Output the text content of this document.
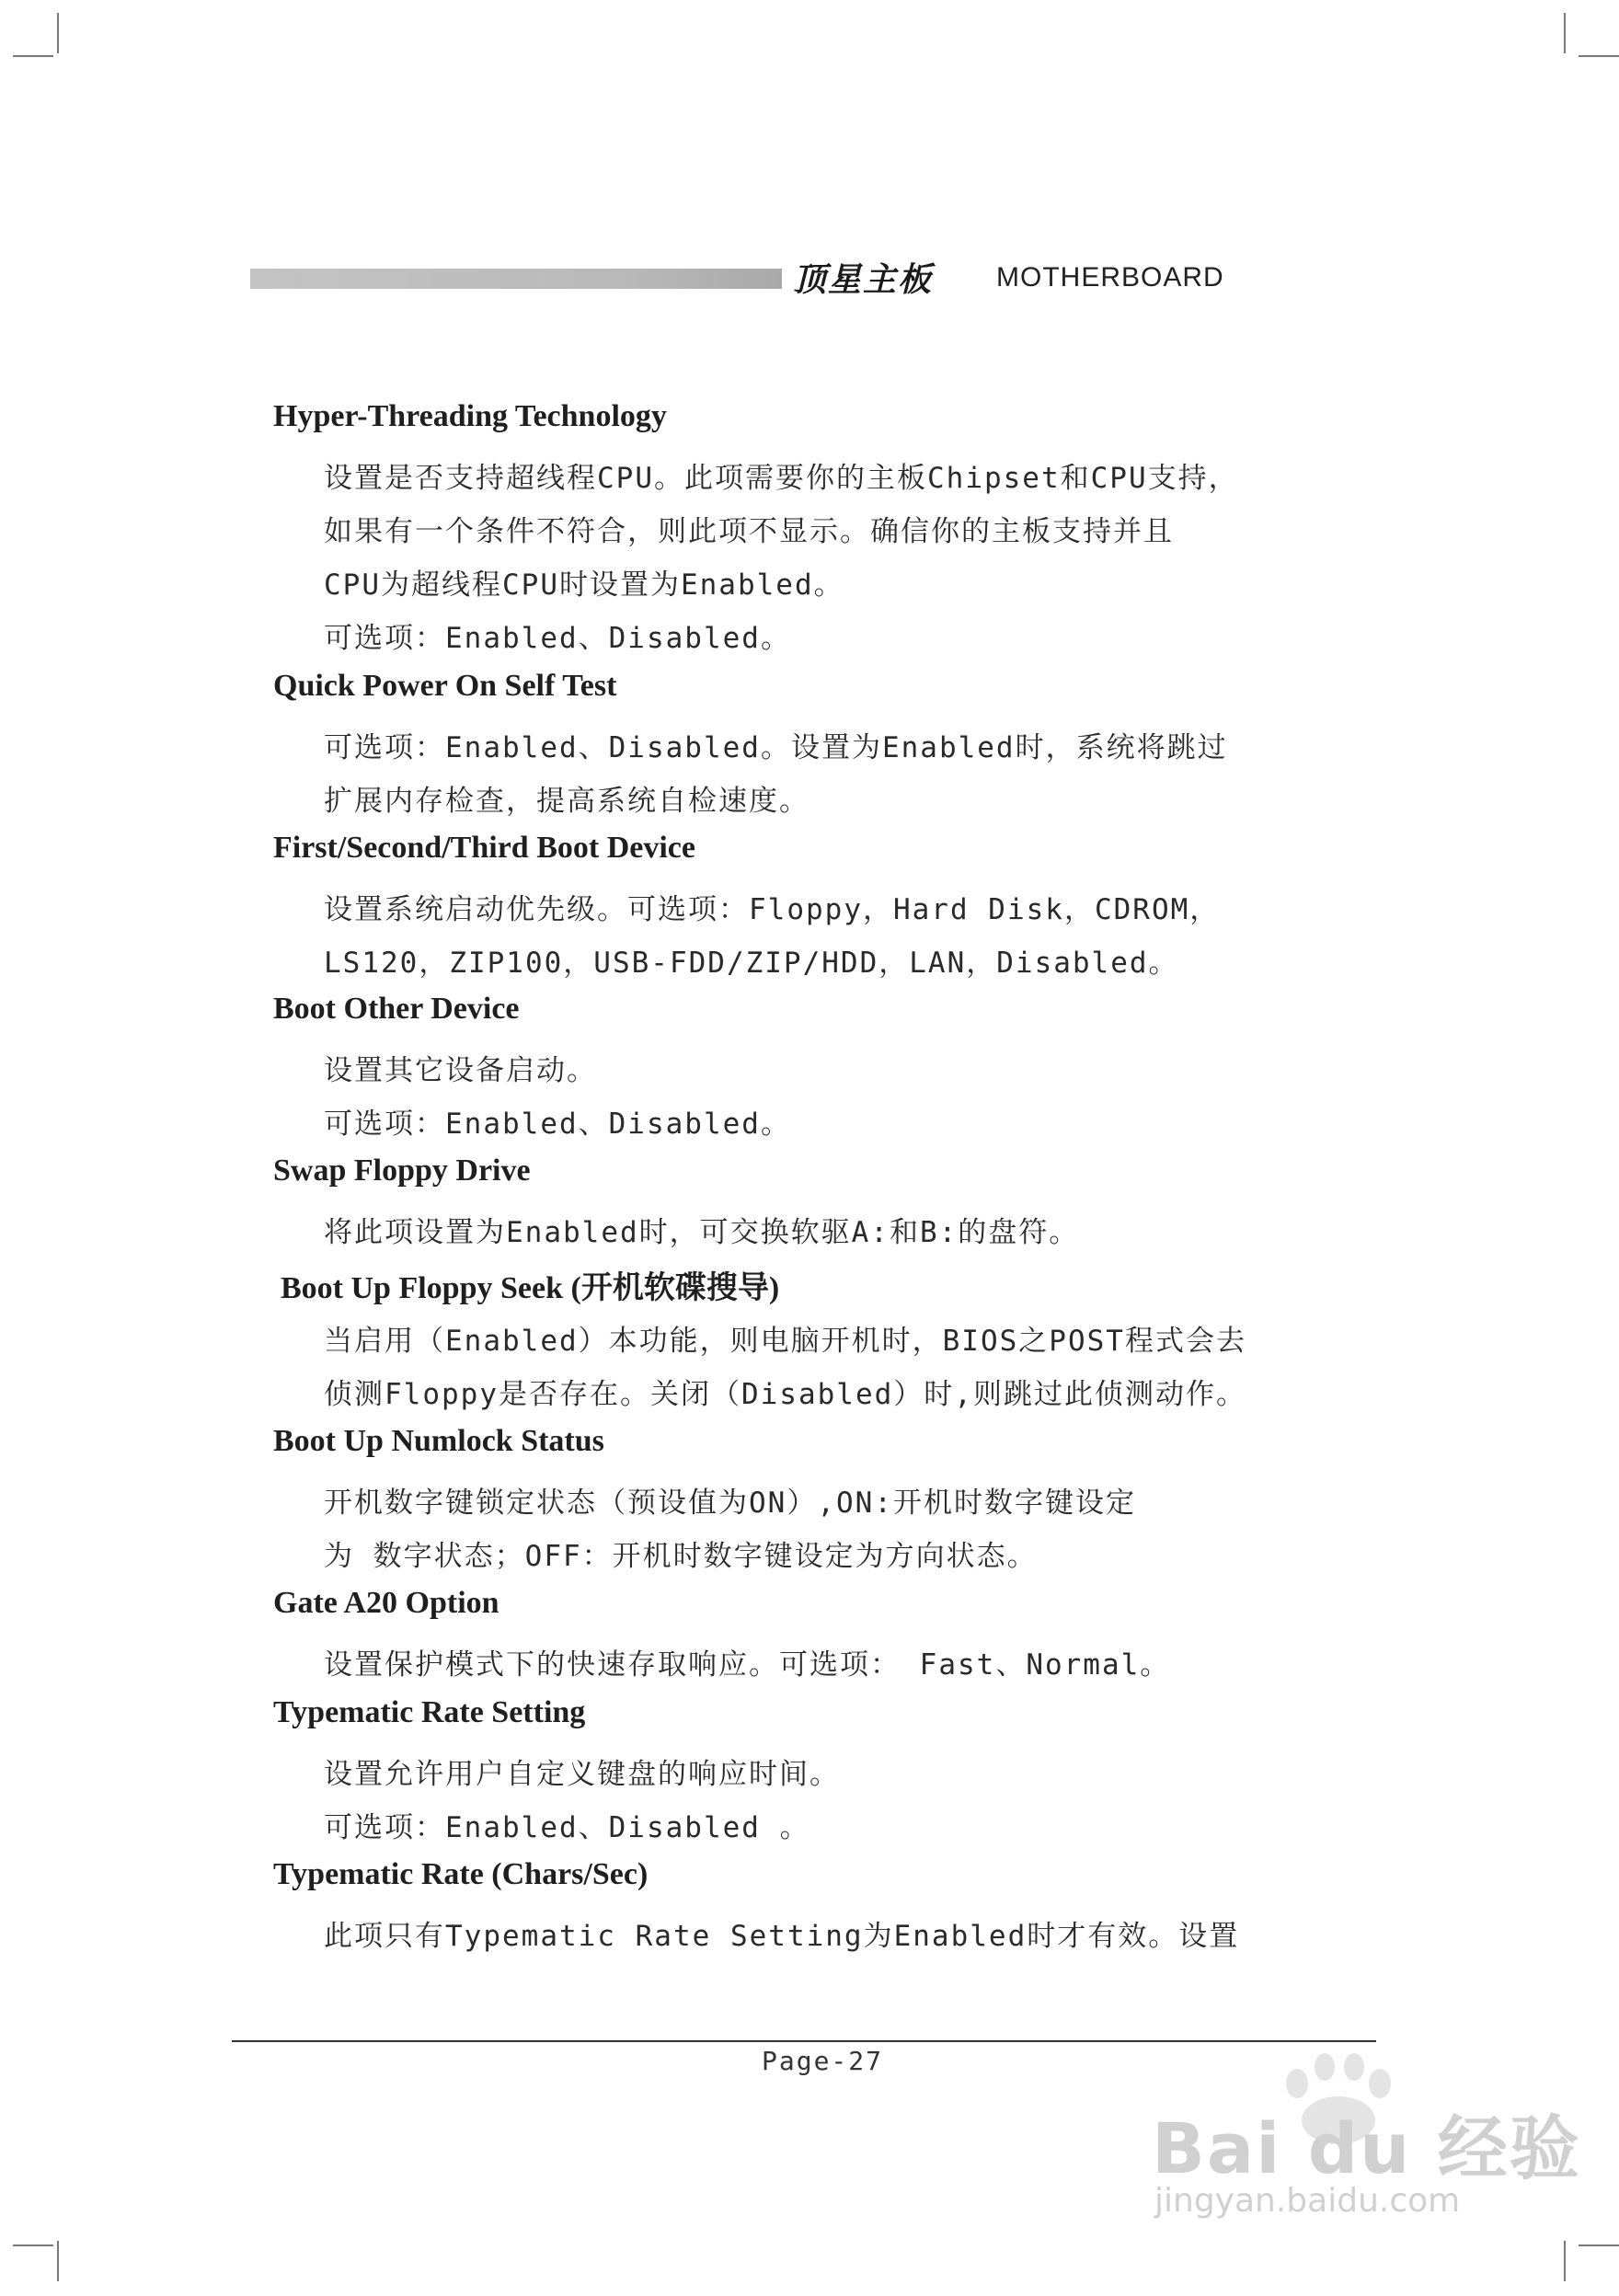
顶星主板 MOTHERBOARD
Hyper-Threading Technology
设置是否支持超线程CPU。此项需要你的主板Chipset和CPU支持，
如果有一个条件不符合，则此项不显示。确信你的主板支持并且
CPU为超线程CPU时设置为Enabled。
可选项：Enabled、Disabled。
Quick Power On Self Test
可选项：Enabled、Disabled。设置为Enabled时，系统将跳过
扩展内存检查，提高系统自检速度。
First/Second/Third Boot Device
设置系统启动优先级。可选项：Floppy，Hard Disk，CDROM，
LS120，ZIP100，USB-FDD/ZIP/HDD，LAN，Disabled。
Boot Other Device
设置其它设备启动。
可选项：Enabled、Disabled。
Swap Floppy Drive
将此项设置为Enabled时，可交换软驱A:和B:的盘符。
Boot Up Floppy Seek (开机软碟搜导)
当启用（Enabled）本功能，则电脑开机时，BIOS之POST程式会去
侦测Floppy是否存在。关闭（Disabled）时,则跳过此侦测动作。
Boot Up Numlock Status
开机数字键锁定状态（预设值为ON）,ON:开机时数字键设定
为 数字状态；OFF：开机时数字键设定为方向状态。
Gate A20 Option
设置保护模式下的快速存取响应。可选项： Fast、Normal。
Typematic Rate Setting
设置允许用户自定义键盘的响应时间。
可选项：Enabled、Disabled 。
Typematic Rate (Chars/Sec)
此项只有Typematic Rate Setting为Enabled时才有效。设置
Page-27
Bai du 经验
jingyan.baidu.com
